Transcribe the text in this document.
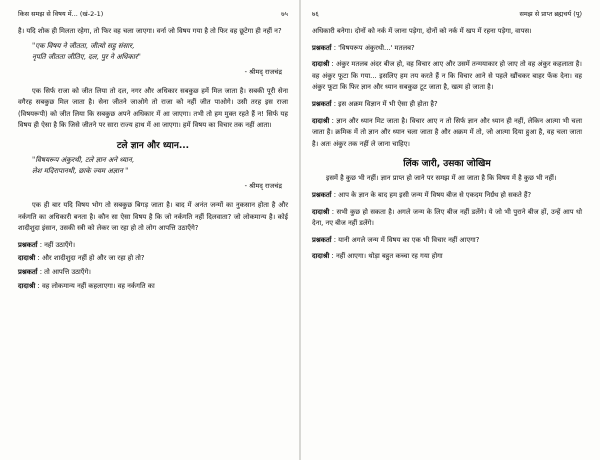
किस समझ से विषय में... (खं-2-1)	७५

है। यदि शोक ही मिलता रहेगा, तो फिर वह चला जाएगा। वर्ना जो विषय गया है तो फिर वह छूटेगा ही नहीं न?

"एक विषय ने जीतता, जीत्यो सहु संसार,
नृपति जीतता जीतिए, दल, पुर ने अधिकार"
- श्रीमद् राजचंद्र

एक सिर्फ राजा को जीत लिया तो दल, नगर और अधिकार सबकुछ हमें मिल जाता है। सबकी पूरी सेना वगैरह सबकुछ मिल जाता है। सेना जीतने जाओगे तो राजा को नहीं जीत पाओगे। उसी तरह इस राजा (विषयरूपी) को जीत लिया कि सबकुछ अपने अधिकार में आ जाएगा। तभी तो हम मुक्त रहते हैं न! सिर्फ यह विषय ही ऐसा है कि जिसे जीतने पर सारा राज्य हाथ में आ जाएगा। हमें विषय का विचार तक नहीं आता।

टले ज्ञान और ध्यान...
"विषयरूप अंकुरथी, टले ज्ञान अने ध्यान,
लेश मदिरापानथी, छाके ज्यम अज्ञान "
- श्रीमद् राजचंद्र

एक ही बार यदि विषय भोग तो सबकुछ बिगड़ जाता है। बाद में अनंत जन्मों का नुकसान होता है और नर्कगति का अधिकारी बनता है। कौन सा ऐसा विषय है कि जो नर्कगति नहीं दिलवाता? जो लोकमान्य है। कोई शादीशुदा इंसान, उसकी स्त्री को लेकर जा रहा हो तो लोग आपत्ति उठाएँगे?

प्रश्नकर्ता : नहीं उठाएँगे।

दादाश्री : और शादीशुदा नहीं हो और जा रहा हो तो?

प्रश्नकर्ता : तो आपत्ति उठाएँगे।

दादाश्री : वह लोकमान्य नहीं कहलाएगा। वह नर्कगति का

७६	समझ से प्राप्त ब्रह्मचर्य (पू)

अधिकारी बनेगा। दोनों को नर्क में जाना पड़ेगा, दोनों को नर्क में खप में रहना पड़ेगा, वापस।

प्रश्नकर्ता : 'विषयरूप अंकुरथी...' मतलब?

दादाश्री : अंकुर मतलब अंदर बीज हो, वह विचार आए और उसमें तन्मयाकार हो जाए तो वह अंकुर कहलाता है। वह अंकुर फूटा कि गया... इसलिए हम तय करते हैं न कि विचार आने से पहले खौंचकर बाहर फेंक देना। वह अंकुर फूटा कि फिर ज्ञान और ध्यान सबकुछ टूट जाता है, खत्म हो जाता है।

प्रश्नकर्ता : इस अक्रम विज्ञान में भी ऐसा ही होता है?

दादाश्री : ज्ञान और ध्यान मिट जाता है। विचार आए न तो सिर्फ ज्ञान और ध्यान ही नहीं, लेकिन आत्मा भी चला जाता है। क्रमिक में तो ज्ञान और ध्यान चला जाता है और अक्रम में तो, जो आत्मा दिया हुआ है, वह चला जाता है। अतः अंकुर तक नहीं ले जाना चाहिए।

लिंक जारी, उसका जोखिम

इसमें है कुछ भी नहीं। ज्ञान प्राप्त हो जाने पर समझ में आ जाता है कि विषय में है कुछ भी नहीं।

प्रश्नकर्ता : आप के ज्ञान के बाद हम इसी जन्म में विषय बीज से एकदम निर्ग्रंथ हो सकते हैं?

दादाश्री : सभी कुछ हो सकता है। अगले जन्म के लिए बीज नहीं डलेंगे। ये जो भी पुराने बीज हों, उन्हें आप धो देना, नए बीज नहीं डलेंगे।

प्रश्नकर्ता : यानी अगले जन्म में विषय का एक भी विचार नहीं आएगा?

दादाश्री : नहीं आएगा। थोड़ा बहुत कच्चा रह गया होगा
